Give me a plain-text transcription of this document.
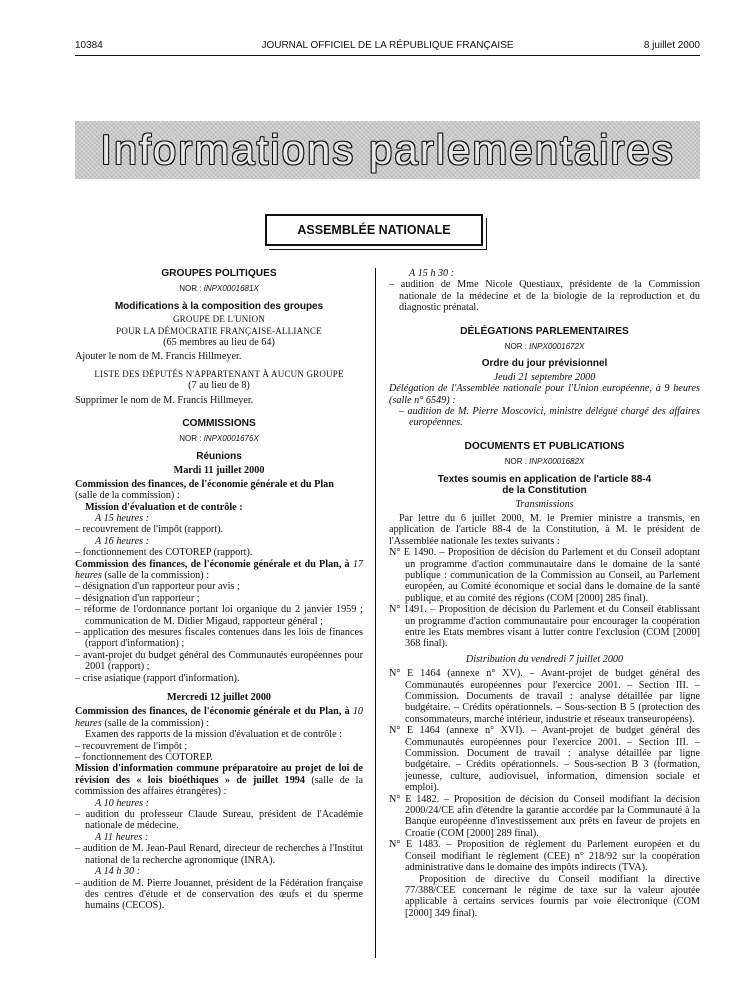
10384	JOURNAL OFFICIEL DE LA RÉPUBLIQUE FRANÇAISE	8 juillet 2000
Informations parlementaires
ASSEMBLÉE NATIONALE
GROUPES POLITIQUES
NOR : INPX0001681X
Modifications à la composition des groupes

GROUPE DE L'UNION

POUR LA DÉMOCRATIE FRANÇAISE-ALLIANCE

(65 membres au lieu de 64)

Ajouter le nom de M. Francis Hillmeyer.

LISTE DES DÉPUTÉS N'APPARTENANT À AUCUN GROUPE

(7 au lieu de 8)

Supprimer le nom de M. Francis Hillmeyer.

COMMISSIONS
NOR : INPX0001676X
Réunions

Mardi 11 juillet 2000

Commission des finances, de l'économie générale et du Plan
(salle de la commission) :

Mission d'évaluation et de contrôle :

A 15 heures :

– recouvrement de l'impôt (rapport).

A 16 heures :

– fonctionnement des COTOREP (rapport).

Commission des finances, de l'économie générale et du Plan, à 17 heures (salle de la commission) :

– désignation d'un rapporteur pour avis ;

– désignation d'un rapporteur ;

– réforme de l'ordonnance portant loi organique du 2 janvier 1959 ; communication de M. Didier Migaud, rapporteur général ;

– application des mesures fiscales contenues dans les lois de finances (rapport d'information) ;

– avant-projet du budget général des Communautés européennes pour 2001 (rapport) ;

– crise asiatique (rapport d'information).

Mercredi 12 juillet 2000

Commission des finances, de l'économie générale et du Plan, à 10 heures (salle de la commission) :

Examen des rapports de la mission d'évaluation et de contrôle :

– recouvrement de l'impôt ;

– fonctionnement des COTOREP.

Mission d'information commune préparatoire au projet de loi de révision des « lois bioéthiques » de juillet 1994 (salle de la commission des affaires étrangères) :

A 10 heures :

– audition du professeur Claude Sureau, président de l'Académie nationale de médecine.

A 11 heures :

– audition de M. Jean-Paul Renard, directeur de recherches à l'Institut national de la recherche agronomique (INRA).

A 14 h 30 :

– audition de M. Pierre Jouannet, président de la Fédération française des centres d'étude et de conservation des œufs et du sperme humains (CECOS).

A 15 h 30 :

– audition de Mme Nicole Questiaux, présidente de la Commission nationale de la médecine et de la biologie de la reproduction et du diagnostic prénatal.

DÉLÉGATIONS PARLEMENTAIRES
NOR : INPX0001672X
Ordre du jour prévisionnel

Jeudi 21 septembre 2000

Délégation de l'Assemblée nationale pour l'Union européenne, à 9 heures (salle n° 6549) :

– audition de M. Pierre Moscovici, ministre délégué chargé des affaires européennes.

DOCUMENTS ET PUBLICATIONS
NOR : INPX0001682X
Textes soumis en application de l'article 88-4
de la Constitution

Transmissions

Par lettre du 6 juillet 2000, M. le Premier ministre a transmis, en application de l'article 88-4 de la Constitution, à M. le président de l'Assemblée nationale les textes suivants :

N° E 1490. – Proposition de décision du Parlement et du Conseil adoptant un programme d'action communautaire dans le domaine de la santé publique : communication de la Commission au Conseil, au Parlement européen, au Comité économique et social dans le domaine de la santé publique, et au comité des régions (COM [2000] 285 final).

N° 1491. – Proposition de décision du Parlement et du Conseil établissant un programme d'action communautaire pour encourager la coopération entre les Etats membres visant à lutter contre l'exclusion (COM [2000] 368 final).

Distribution du vendredi 7 juillet 2000

N° E 1464 (annexe n° XV). – Avant-projet de budget général des Communautés européennes pour l'exercice 2001. – Section III. – Commission. Documents de travail : analyse détaillée par ligne budgétaire. – Crédits opérationnels. – Sous-section B 5 (protection des consommateurs, marché intérieur, industrie et réseaux transeuropéens).

N° E 1464 (annexe n° XVI). – Avant-projet de budget général des Communautés européennes pour l'exercice 2001. – Section III. – Commission. Document de travail : analyse détaillée par ligne budgétaire. – Crédits opérationnels. – Sous-section B 3 (formation, jeunesse, culture, audiovisuel, information, dimension sociale et emploi).

N° E 1482. – Proposition de décision du Conseil modifiant la décision 2000/24/CE afin d'étendre la garantie accordée par la Communauté à la Banque européenne d'investissement aux prêts en faveur de projets en Croatie (COM [2000] 289 final).

N° E 1483. – Proposition de règlement du Parlement européen et du Conseil modifiant le règlement (CEE) n° 218/92 sur la coopération administrative dans le domaine des impôts indirects (TVA).

Proposition de directive du Conseil modifiant la directive 77/388/CEE concernant le régime de taxe sur la valeur ajoutée applicable à certains services fournis par voie électronique (COM [2000] 349 final).
